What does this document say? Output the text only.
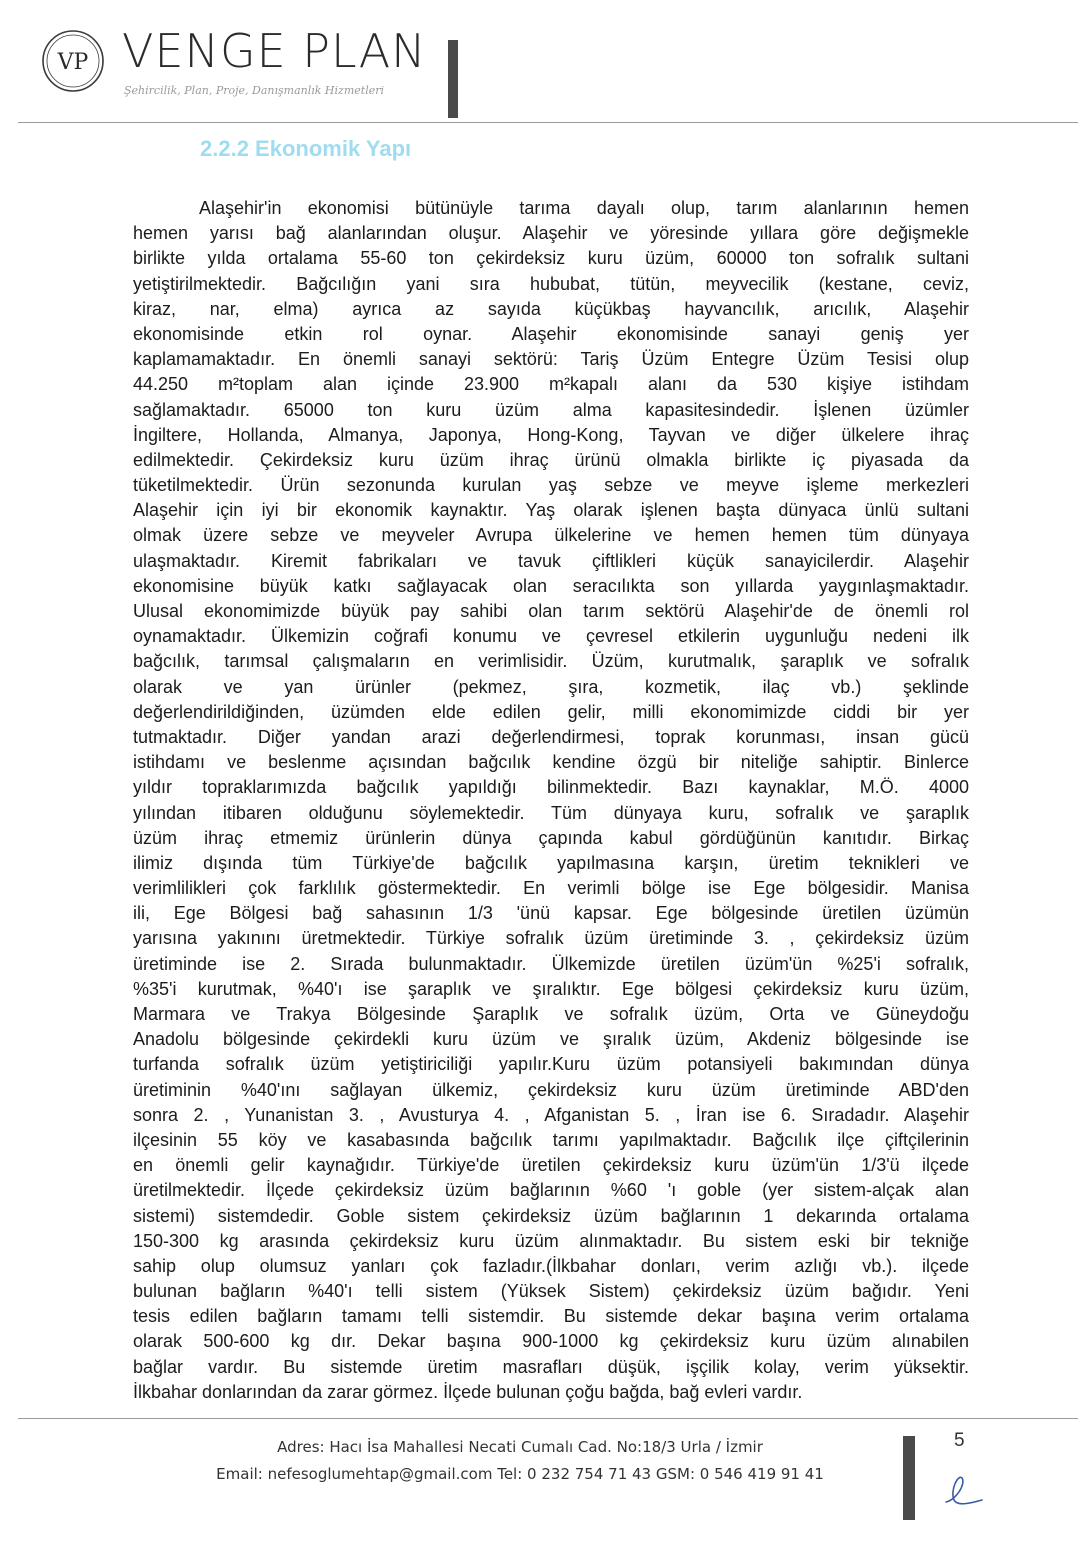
VP VENGE PLAN
Şehircilik, Plan, Proje, Danışmanlık Hizmetleri
2.2.2 Ekonomik Yapı
Alaşehir'in ekonomisi bütünüyle tarıma dayalı olup, tarım alanlarının hemen
hemen yarısı bağ alanlarından oluşur. Alaşehir ve yöresinde yıllara göre değişmekle
birlikte yılda ortalama 55-60 ton çekirdeksiz kuru üzüm, 60000 ton sofralık sultani
yetiştirilmektedir. Bağcılığın yani sıra hububat, tütün, meyvecilik (kestane, ceviz,
kiraz, nar, elma) ayrıca az sayıda küçükbaş hayvancılık, arıcılık, Alaşehir
ekonomisinde etkin rol oynar. Alaşehir ekonomisinde sanayi geniş yer
kaplamamaktadır. En önemli sanayi sektörü: Tariş Üzüm Entegre Üzüm Tesisi olup
44.250 m²toplam alan içinde 23.900 m²kapalı alanı da 530 kişiye istihdam
sağlamaktadır. 65000 ton kuru üzüm alma kapasitesindedir. İşlenen üzümler
İngiltere, Hollanda, Almanya, Japonya, Hong-Kong, Tayvan ve diğer ülkelere ihraç
edilmektedir. Çekirdeksiz kuru üzüm ihraç ürünü olmakla birlikte iç piyasada da
tüketilmektedir. Ürün sezonunda kurulan yaş sebze ve meyve işleme merkezleri
Alaşehir için iyi bir ekonomik kaynaktır. Yaş olarak işlenen başta dünyaca ünlü sultani
olmak üzere sebze ve meyveler Avrupa ülkelerine ve hemen hemen tüm dünyaya
ulaşmaktadır. Kiremit fabrikaları ve tavuk çiftlikleri küçük sanayicilerdir. Alaşehir
ekonomisine büyük katkı sağlayacak olan seracılıkta son yıllarda yaygınlaşmaktadır.
Ulusal ekonomimizde büyük pay sahibi olan tarım sektörü Alaşehir'de de önemli rol
oynamaktadır. Ülkemizin coğrafi konumu ve çevresel etkilerin uygunluğu nedeni ilk
bağcılık, tarımsal çalışmaların en verimlisidir. Üzüm, kurutmalık, şaraplık ve sofralık
olarak ve yan ürünler (pekmez, şıra, kozmetik, ilaç vb.) şeklinde
değerlendirildiğinden, üzümden elde edilen gelir, milli ekonomimizde ciddi bir yer
tutmaktadır. Diğer yandan arazi değerlendirmesi, toprak korunması, insan gücü
istihdamı ve beslenme açısından bağcılık kendine özgü bir niteliğe sahiptir. Binlerce
yıldır topraklarımızda bağcılık yapıldığı bilinmektedir. Bazı kaynaklar, M.Ö. 4000
yılından itibaren olduğunu söylemektedir. Tüm dünyaya kuru, sofralık ve şaraplık
üzüm ihraç etmemiz ürünlerin dünya çapında kabul gördüğünün kanıtıdır. Birkaç
ilimiz dışında tüm Türkiye'de bağcılık yapılmasına karşın, üretim teknikleri ve
verimlilikleri çok farklılık göstermektedir. En verimli bölge ise Ege bölgesidir. Manisa
ili, Ege Bölgesi bağ sahasının 1/3 'ünü kapsar. Ege bölgesinde üretilen üzümün
yarısına yakınını üretmektedir. Türkiye sofralık üzüm üretiminde 3. , çekirdeksiz üzüm
üretiminde ise 2. Sırada bulunmaktadır. Ülkemizde üretilen üzüm'ün %25'i sofralık,
%35'i kurutmak, %40'ı ise şaraplık ve şıralıktır. Ege bölgesi çekirdeksiz kuru üzüm,
Marmara ve Trakya Bölgesinde Şaraplık ve sofralık üzüm, Orta ve Güneydoğu
Anadolu bölgesinde çekirdekli kuru üzüm ve şıralık üzüm, Akdeniz bölgesinde ise
turfanda sofralık üzüm yetiştiriciliği yapılır.Kuru üzüm potansiyeli bakımından dünya
üretiminin %40'ını sağlayan ülkemiz, çekirdeksiz kuru üzüm üretiminde ABD'den
sonra 2. , Yunanistan 3. , Avusturya 4. , Afganistan 5. , İran ise 6. Sıradadır. Alaşehir
ilçesinin 55 köy ve kasabasında bağcılık tarımı yapılmaktadır. Bağcılık ilçe çiftçilerinin
en önemli gelir kaynağıdır. Türkiye'de üretilen çekirdeksiz kuru üzüm'ün 1/3'ü ilçede
üretilmektedir. İlçede çekirdeksiz üzüm bağlarının %60 'ı goble (yer sistem-alçak alan
sistemi) sistemdedir. Goble sistem çekirdeksiz üzüm bağlarının 1 dekarında ortalama
150-300 kg arasında çekirdeksiz kuru üzüm alınmaktadır. Bu sistem eski bir tekniğe
sahip olup olumsuz yanları çok fazladır.(İlkbahar donları, verim azlığı vb.). ilçede
bulunan bağların %40'ı telli sistem (Yüksek Sistem) çekirdeksiz üzüm bağıdır. Yeni
tesis edilen bağların tamamı telli sistemdir. Bu sistemde dekar başına verim ortalama
olarak 500-600 kg dır. Dekar başına 900-1000 kg çekirdeksiz kuru üzüm alınabilen
bağlar vardır. Bu sistemde üretim masrafları düşük, işçilik kolay, verim yüksektir.
İlkbahar donlarından da zarar görmez. İlçede bulunan çoğu bağda, bağ evleri vardır.
Adres: Hacı İsa Mahallesi Necati Cumalı Cad. No:18/3 Urla / İzmir
Email: nefesoglumehtap@gmail.com Tel: 0 232 754 71 43 GSM: 0 546 419 91 41
5
